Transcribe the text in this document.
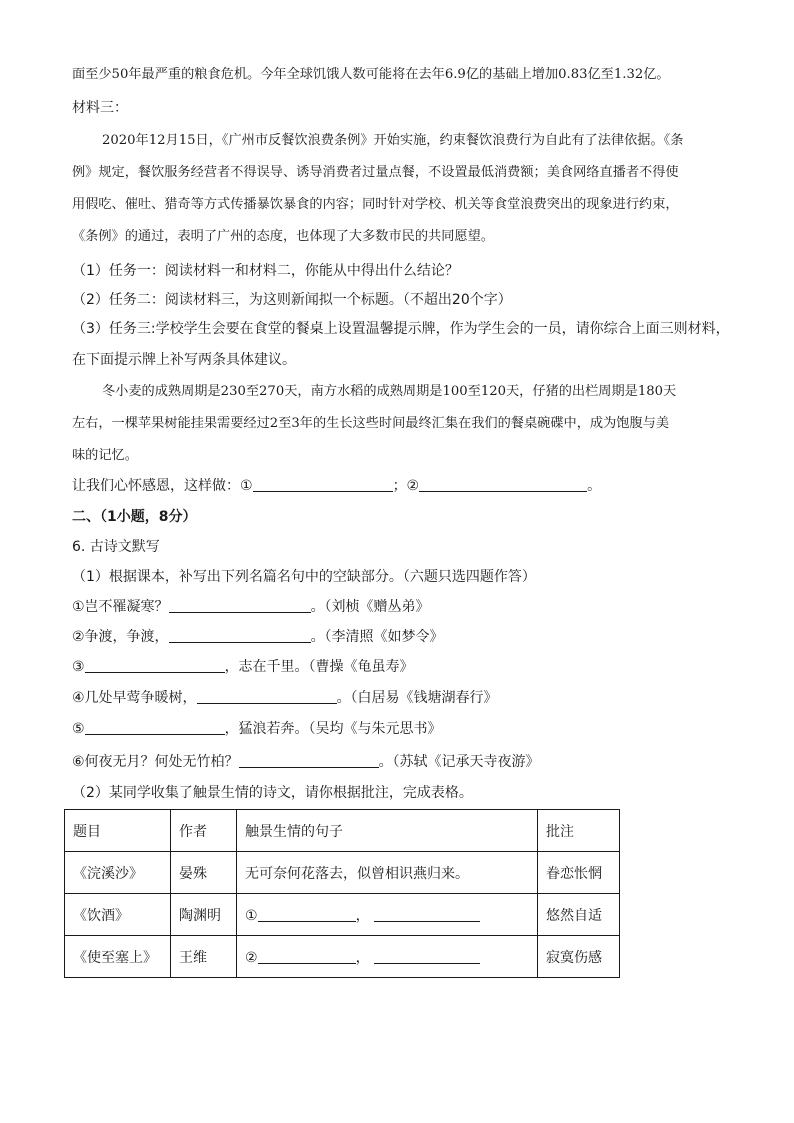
面至少50年最严重的粮食危机。今年全球饥饿人数可能将在去年6.9亿的基础上增加0.83亿至1.32亿。
材料三：
2020年12月15日，《广州市反餐饮浪费条例》开始实施，约束餐饮浪费行为自此有了法律依据。《条
例》规定，餐饮服务经营者不得误导、诱导消费者过量点餐，不设置最低消费额；美食网络直播者不得使
用假吃、催吐、猎奇等方式传播暴饮暴食的内容；同时针对学校、机关等食堂浪费突出的现象进行约束，
《条例》的通过，表明了广州的态度，也体现了大多数市民的共同愿望。
（1）任务一：阅读材料一和材料二，你能从中得出什么结论？
（2）任务二：阅读材料三，为这则新闻拟一个标题。（不超出20个字）
（3）任务三:学校学生会要在食堂的餐桌上设置温馨提示牌，作为学生会的一员，请你综合上面三则材料，
在下面提示牌上补写两条具体建议。
冬小麦的成熟周期是230至270天，南方水稻的成熟周期是100至120天，仔猪的出栏周期是180天
左右，一棵苹果树能挂果需要经过2至3年的生长这些时间最终汇集在我们的餐桌碗碟中，成为饱腹与美
味的记忆。
让我们心怀感恩，这样做：①	；②	。
二、（1小题，8分）
6. 古诗文默写
（1）根据课本，补写出下列名篇名句中的空缺部分。（六题只选四题作答）
①岂不罹凝寒？	。（刘桢《赠丛弟》
②争渡，争渡，	。（李清照《如梦令》
③	，志在千里。（曹操《龟虽寿》
④几处早莺争暖树，	。（白居易《钱塘湖春行》
⑤	，猛浪若奔。（吴均《与朱元思书》
⑥何夜无月？何处无竹柏？	。（苏轼《记承天寺夜游》
（2）某同学收集了触景生情的诗文，请你根据批注，完成表格。
题目	作者	触景生情的句子	批注
《浣溪沙》	晏殊	无可奈何花落去，似曾相识燕归来。	眷恋怅惘
《饮酒》	陶渊明	① ，	悠然自适
《使至塞上》	王维	② ，	寂寞伤感
